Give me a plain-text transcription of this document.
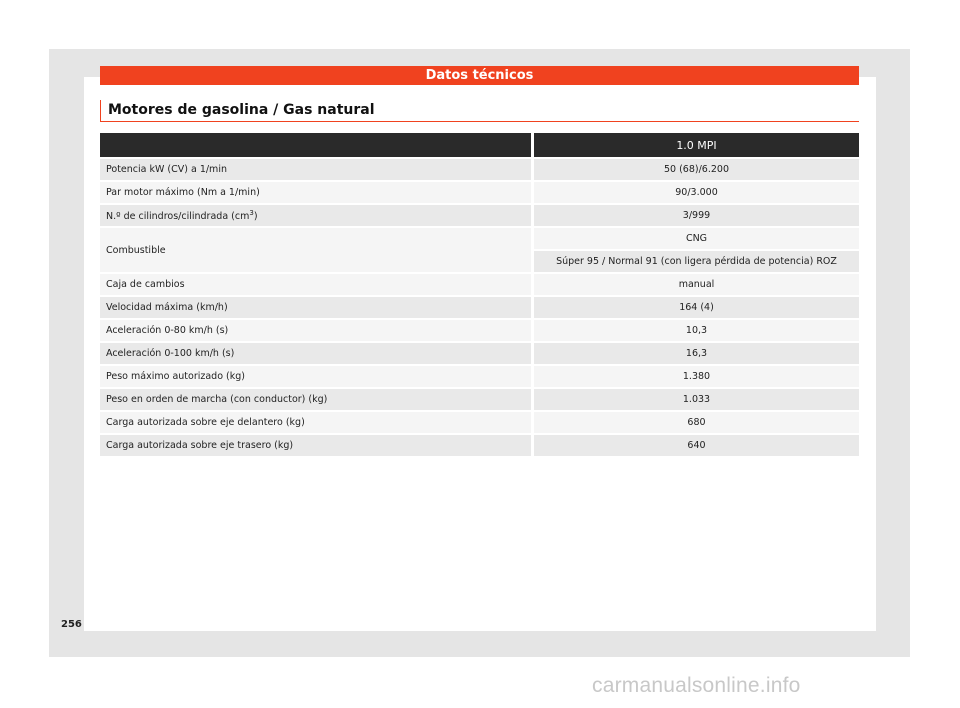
Datos técnicos
Motores de gasolina / Gas natural
	1.0 MPI
Potencia kW (CV) a 1/min	50 (68)/6.200
Par motor máximo (Nm a 1/min)	90/3.000
N.º de cilindros/cilindrada $(cm^3)$	3/999
Combustible	CNG
	Súper 95 / Normal 91 (con ligera pérdida de potencia) ROZ
Caja de cambios	manual
Velocidad máxima (km/h)	164 (4)
Aceleración 0-80 km/h (s)	10,3
Aceleración 0-100 km/h (s)	16,3
Peso máximo autorizado (kg)	1.380
Peso en orden de marcha (con conductor) (kg)	1.033
Carga autorizada sobre eje delantero (kg)	680
Carga autorizada sobre eje trasero (kg)	640
256
carmanualsonline.info
